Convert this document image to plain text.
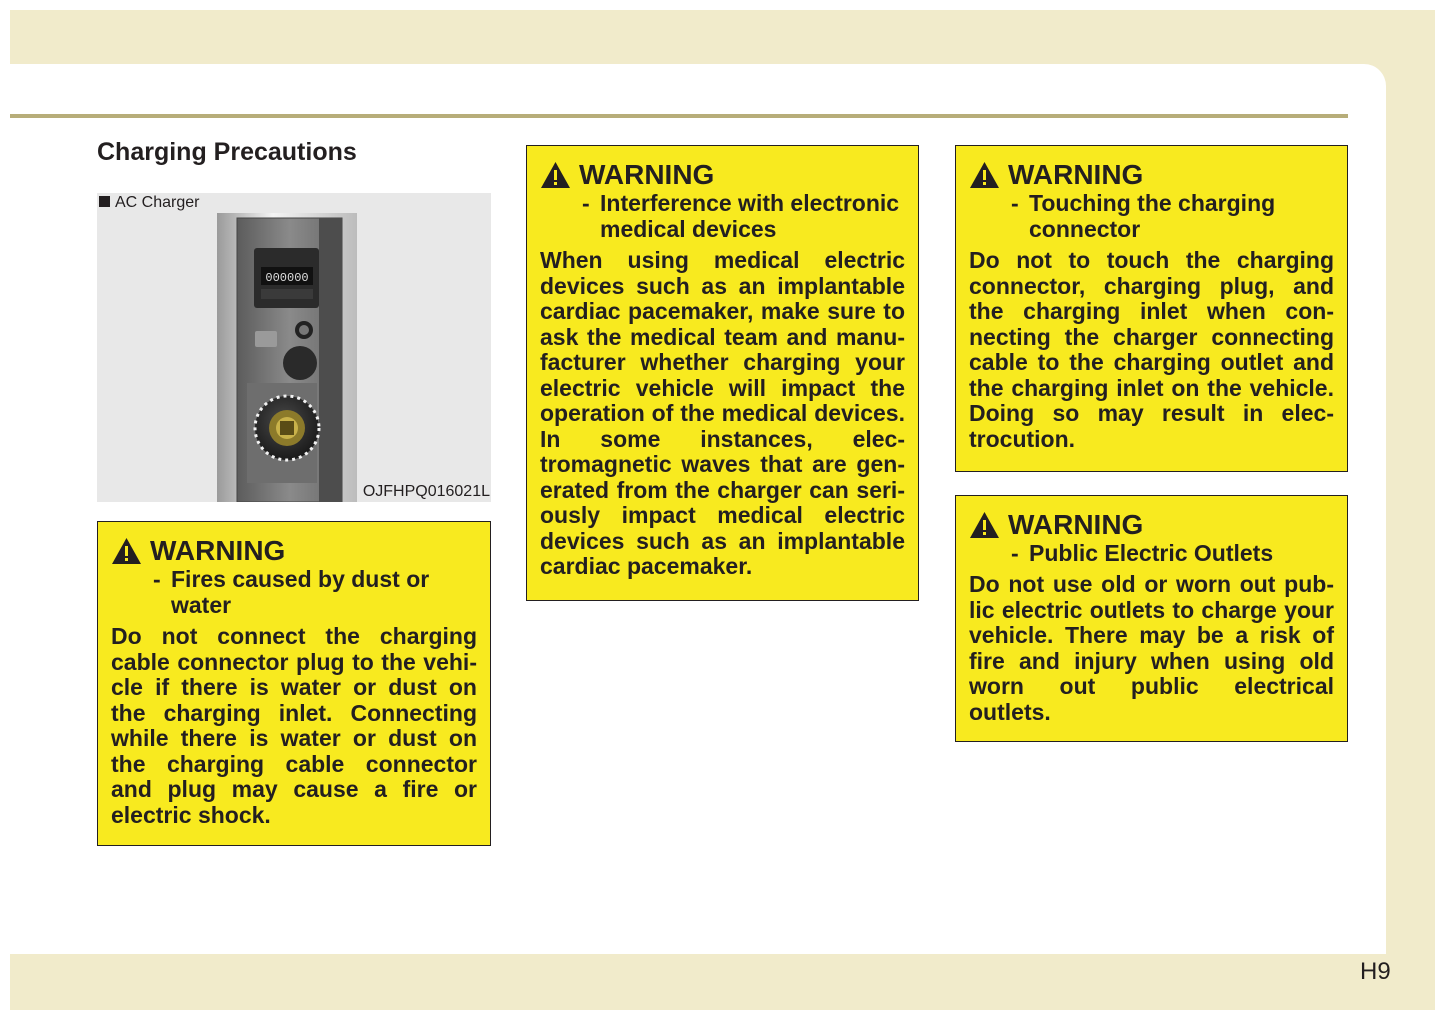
Charging Precautions
AC Charger
000000
OJFHPQ016021L
WARNING
- Fires caused by dust or water
Do not connect the charging cable connector plug to the vehicle if there is water or dust on the charging inlet. Connecting while there is water or dust on the charging cable connector and plug may cause a fire or electric shock.
WARNING
- Interference with electronic medical devices
When using medical electric devices such as an implantable cardiac pacemaker, make sure to ask the medical team and manufacturer whether charging your electric vehicle will impact the operation of the medical devices. In some instances, electromagnetic waves that are generated from the charger can seriously impact medical electric devices such as an implantable cardiac pacemaker.
WARNING
- Touching the charging connector
Do not to touch the charging connector, charging plug, and the charging inlet when connecting the charger connecting cable to the charging outlet and the charging inlet on the vehicle. Doing so may result in electrocution.
WARNING
- Public Electric Outlets
Do not use old or worn out public electric outlets to charge your vehicle. There may be a risk of fire and injury when using old worn out public electrical outlets.
H9
